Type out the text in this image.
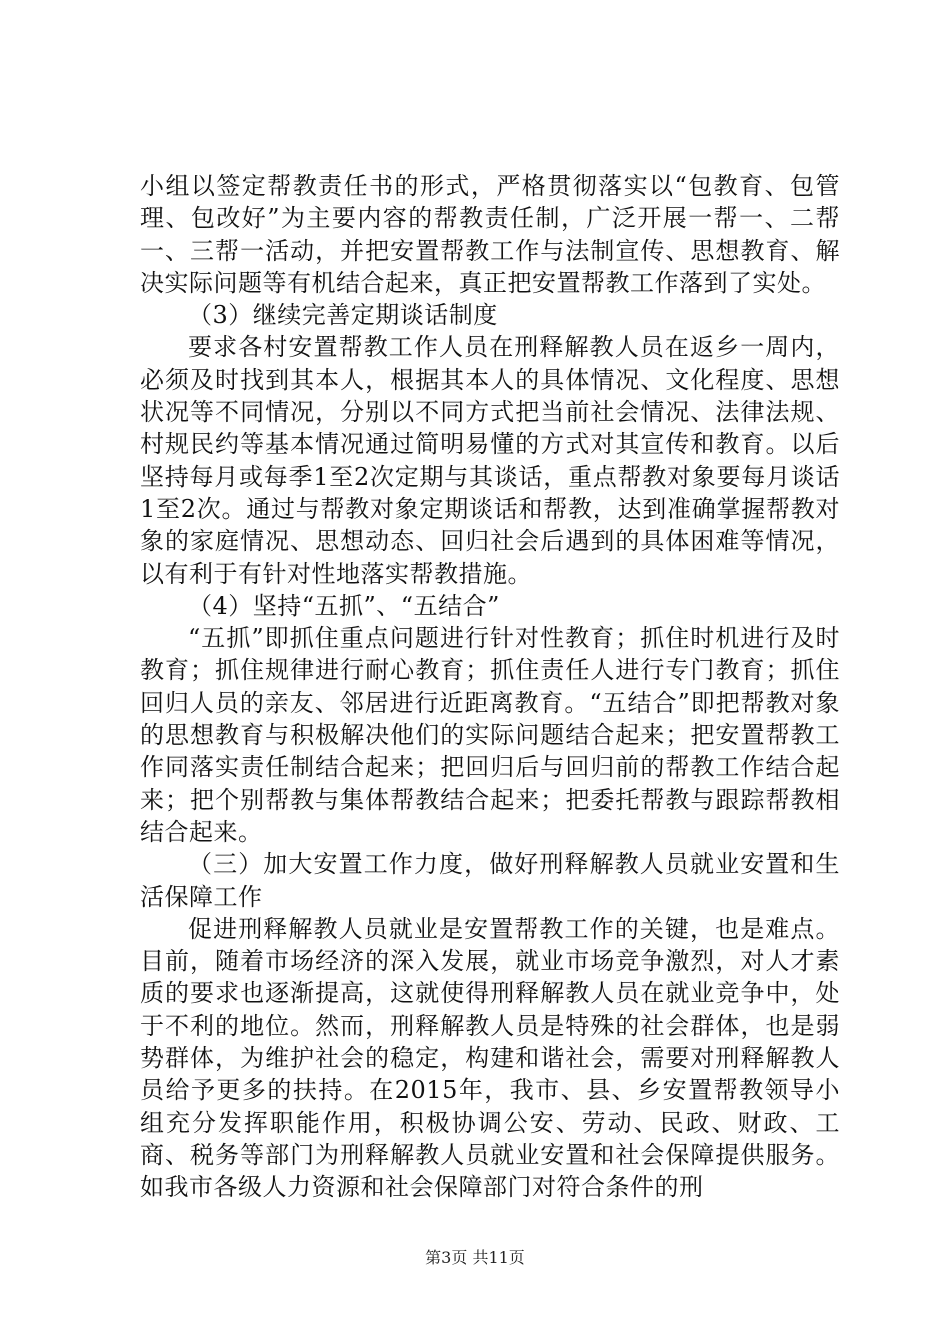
小组以签定帮教责任书的形式，严格贯彻落实以“包教育、包管理、包改好”为主要内容的帮教责任制，广泛开展一帮一、二帮一、三帮一活动，并把安置帮教工作与法制宣传、思想教育、解决实际问题等有机结合起来，真正把安置帮教工作落到了实处。

（3）继续完善定期谈话制度

要求各村安置帮教工作人员在刑释解教人员在返乡一周内，必须及时找到其本人，根据其本人的具体情况、文化程度、思想状况等不同情况，分别以不同方式把当前社会情况、法律法规、村规民约等基本情况通过简明易懂的方式对其宣传和教育。以后坚持每月或每季1至2次定期与其谈话，重点帮教对象要每月谈话1至2次。通过与帮教对象定期谈话和帮教，达到准确掌握帮教对象的家庭情况、思想动态、回归社会后遇到的具体困难等情况，以有利于有针对性地落实帮教措施。

（4）坚持“五抓”、“五结合”

“五抓”即抓住重点问题进行针对性教育；抓住时机进行及时教育；抓住规律进行耐心教育；抓住责任人进行专门教育；抓住回归人员的亲友、邻居进行近距离教育。“五结合”即把帮教对象的思想教育与积极解决他们的实际问题结合起来；把安置帮教工作同落实责任制结合起来；把回归后与回归前的帮教工作结合起来；把个别帮教与集体帮教结合起来；把委托帮教与跟踪帮教相结合起来。

（三）加大安置工作力度，做好刑释解教人员就业安置和生活保障工作

促进刑释解教人员就业是安置帮教工作的关键，也是难点。目前，随着市场经济的深入发展，就业市场竞争激烈，对人才素质的要求也逐渐提高，这就使得刑释解教人员在就业竞争中，处于不利的地位。然而，刑释解教人员是特殊的社会群体，也是弱势群体，为维护社会的稳定，构建和谐社会，需要对刑释解教人员给予更多的扶持。在2015年，我市、县、乡安置帮教领导小组充分发挥职能作用，积极协调公安、劳动、民政、财政、工商、税务等部门为刑释解教人员就业安置和社会保障提供服务。如我市各级人力资源和社会保障部门对符合条件的刑

第3页 共11页
